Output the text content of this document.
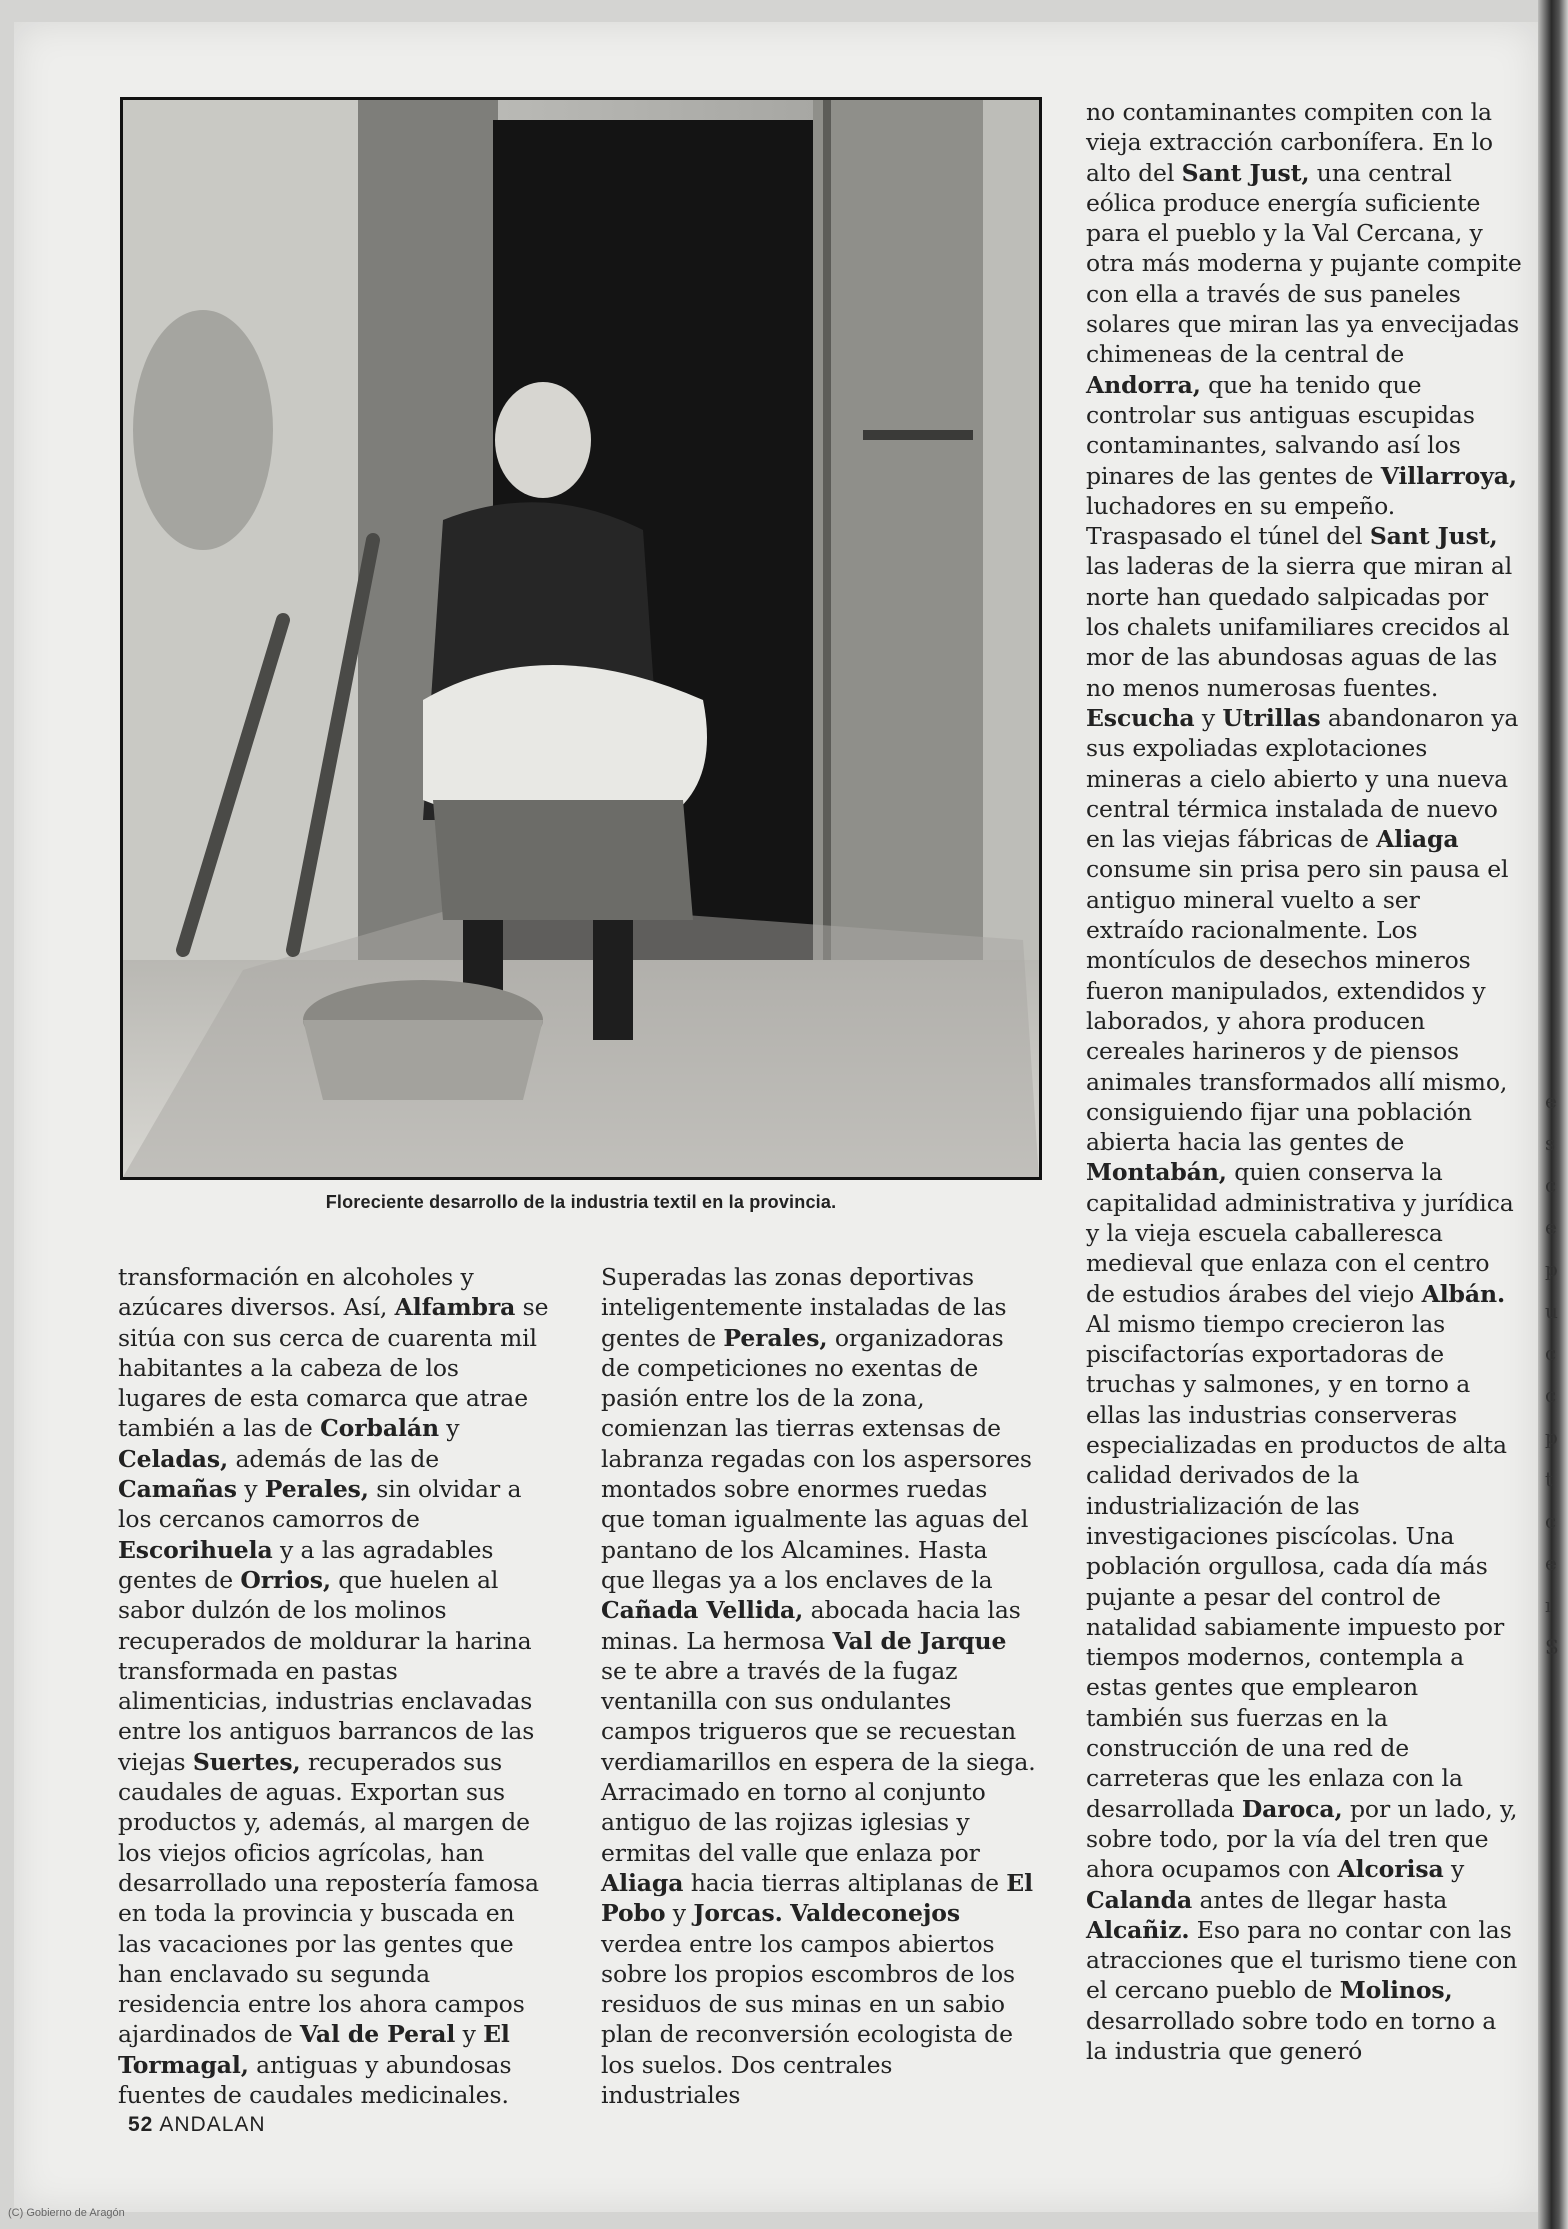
Floreciente desarrollo de la industria textil en la provincia.

transformación en alcoholes y azúcares diversos. Así, Alfambra se sitúa con sus cerca de cuarenta mil habitantes a la cabeza de los lugares de esta comarca que atrae también a las de Corbalán y Celadas, además de las de Camañas y Perales, sin olvidar a los cercanos camorros de Escorihuela y a las agradables gentes de Orrios, que huelen al sabor dulzón de los molinos recuperados de moldurar la harina transformada en pastas alimenticias, industrias enclavadas entre los antiguos barrancos de las viejas Suertes, recuperados sus caudales de aguas. Exportan sus productos y, además, al margen de los viejos oficios agrícolas, han desarrollado una repostería famosa en toda la provincia y buscada en las vacaciones por las gentes que han enclavado su segunda residencia entre los ahora campos ajardinados de Val de Peral y El Tormagal, antiguas y abundosas fuentes de caudales medicinales.

Superadas las zonas deportivas inteligentemente instaladas de las gentes de Perales, organizadoras de competiciones no exentas de pasión entre los de la zona, comienzan las tierras extensas de labranza regadas con los aspersores montados sobre enormes ruedas que toman igualmente las aguas del pantano de los Alcamines. Hasta que llegas ya a los enclaves de la Cañada Vellida, abocada hacia las minas. La hermosa Val de Jarque se te abre a través de la fugaz ventanilla con sus ondulantes campos trigueros que se recuestan verdiamarillos en espera de la siega. Arracimado en torno al conjunto antiguo de las rojizas iglesias y ermitas del valle que enlaza por Aliaga hacia tierras altiplanas de El Pobo y Jorcas. Valdeconejos verdea entre los campos abiertos sobre los propios escombros de los residuos de sus minas en un sabio plan de reconversión ecologista de los suelos. Dos centrales industriales

no contaminantes compiten con la vieja extracción carbonífera. En lo alto del Sant Just, una central eólica produce energía suficiente para el pueblo y la Val Cercana, y otra más moderna y pujante compite con ella a través de sus paneles solares que miran las ya envecijadas chimeneas de la central de Andorra, que ha tenido que controlar sus antiguas escupidas contaminantes, salvando así los pinares de las gentes de Villarroya, luchadores en su empeño.

Traspasado el túnel del Sant Just, las laderas de la sierra que miran al norte han quedado salpicadas por los chalets unifamiliares crecidos al mor de las abundosas aguas de las no menos numerosas fuentes. Escucha y Utrillas abandonaron ya sus expoliadas explotaciones mineras a cielo abierto y una nueva central térmica instalada de nuevo en las viejas fábricas de Aliaga consume sin prisa pero sin pausa el antiguo mineral vuelto a ser extraído racionalmente. Los montículos de desechos mineros fueron manipulados, extendidos y laborados, y ahora producen cereales harineros y de piensos animales transformados allí mismo, consiguiendo fijar una población abierta hacia las gentes de Montabán, quien conserva la capitalidad administrativa y jurídica y la vieja escuela caballeresca medieval que enlaza con el centro de estudios árabes del viejo Albán. Al mismo tiempo crecieron las piscifactorías exportadoras de truchas y salmones, y en torno a ellas las industrias conserveras especializadas en productos de alta calidad derivados de la industrialización de las investigaciones piscícolas. Una población orgullosa, cada día más pujante a pesar del control de natalidad sabiamente impuesto por tiempos modernos, contempla a estas gentes que emplearon también sus fuerzas en la construcción de una red de carreteras que les enlaza con la desarrollada Daroca, por un lado, y, sobre todo, por la vía del tren que ahora ocupamos con Alcorisa y Calanda antes de llegar hasta Alcañiz. Eso para no contar con las atracciones que el turismo tiene con el cercano pueblo de Molinos, desarrollado sobre todo en torno a la industria que generó

52 ANDALAN
(C) Gobierno de Aragón
e s c e p u c c p t c e ı S
